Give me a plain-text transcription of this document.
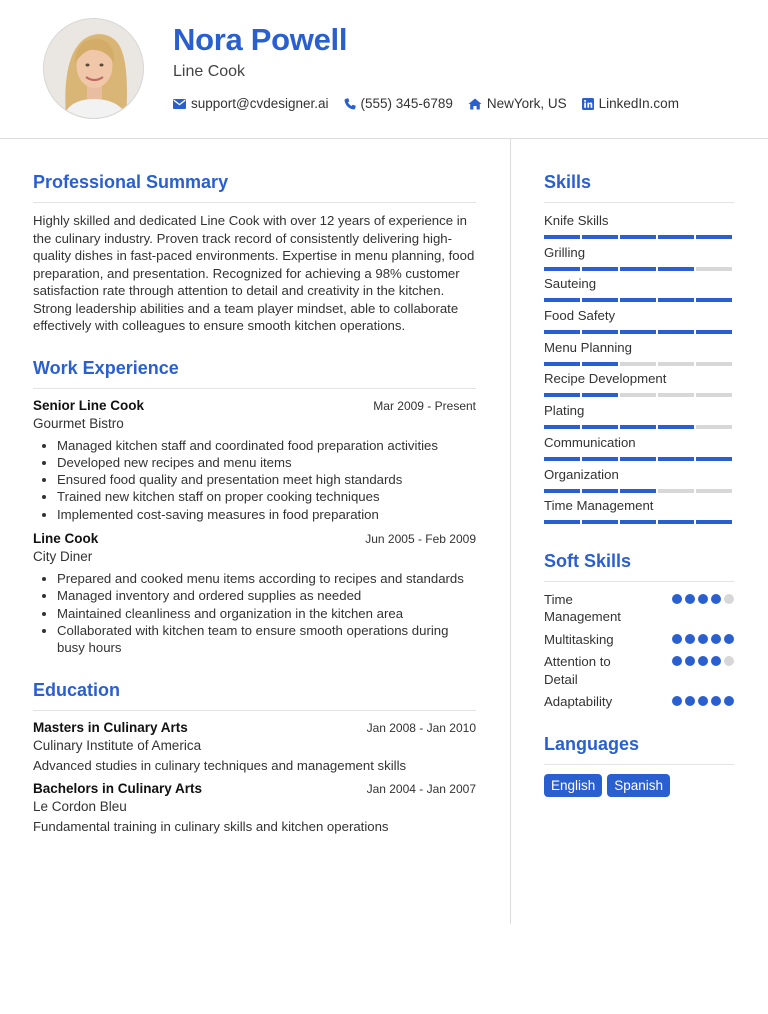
Nora Powell
Line Cook
support@cvdesigner.ai (555) 345-6789	NewYork, US LinkedIn.com
Professional Summary

Highly skilled and dedicated Line Cook with over 12 years of experience in the culinary industry. Proven track record of consistently delivering high-quality dishes in fast-paced environments. Expertise in menu planning, food preparation, and presentation. Recognized for achieving a 98% customer satisfaction rate through attention to detail and creativity in the kitchen. Strong leadership abilities and a team player mindset, able to collaborate effectively with colleagues to ensure smooth kitchen operations.

Work Experience
Senior Line Cook	Mar 2009 - Present
Gourmet Bistro
• Managed kitchen staff and coordinated food preparation activities
• Developed new recipes and menu items
• Ensured food quality and presentation meet high standards
• Trained new kitchen staff on proper cooking techniques
• Implemented cost-saving measures in food preparation
Line Cook	Jun 2005 - Feb 2009
City Diner
• Prepared and cooked menu items according to recipes and standards
• Managed inventory and ordered supplies as needed
• Maintained cleanliness and organization in the kitchen area
• Collaborated with kitchen team to ensure smooth operations during busy hours
Education
Masters in Culinary Arts	Jan 2008 - Jan 2010
Culinary Institute of America
Advanced studies in culinary techniques and management skills
Bachelors in Culinary Arts	Jan 2004 - Jan 2007
Le Cordon Bleu
Fundamental training in culinary skills and kitchen operations
Skills
Knife Skills
Grilling
Sauteing
Food Safety
Menu Planning
Recipe Development
Plating
Communication
Organization
Time Management
Soft Skills
Time Management
Multitasking
Attention to Detail
Adaptability
Languages
English	Spanish
